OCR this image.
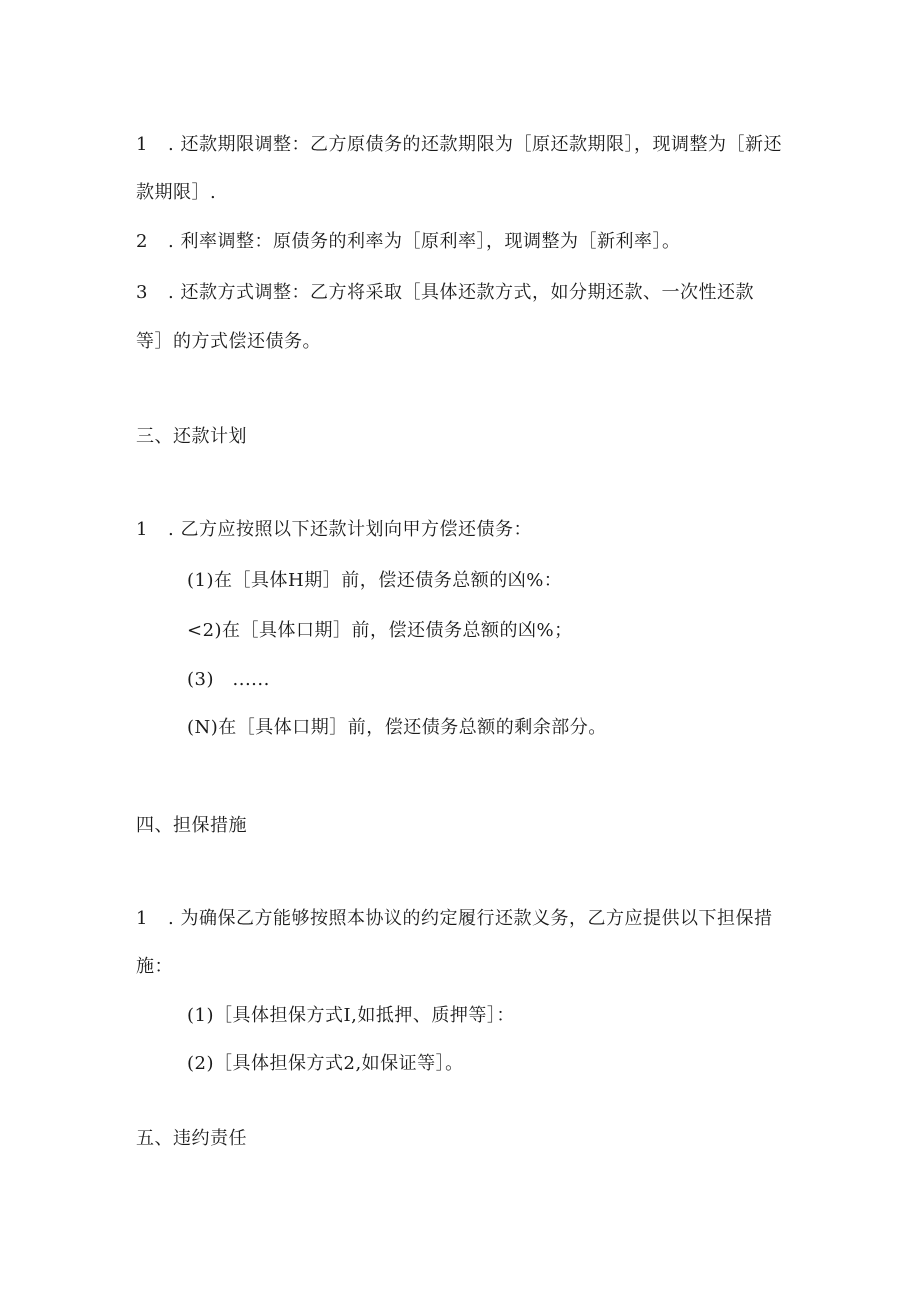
1 . 还款期限调整：乙方原债务的还款期限为［原还款期限］，现调整为［新还
款期限］.
2 . 利率调整：原债务的利率为［原利率］，现调整为［新利率］。
3 . 还款方式调整：乙方将采取［具体还款方式，如分期还款、一次性还款
等］的方式偿还债务。
三、还款计划
1 . 乙方应按照以下还款计划向甲方偿还债务：
(1)在［具体H期］前，偿还债务总额的凶%：
<2)在［具体口期］前，偿还债务总额的凶%；
(3)　......
(N)在［具体口期］前，偿还债务总额的剩余部分。
四、担保措施
1 . 为确保乙方能够按照本协议的约定履行还款义务，乙方应提供以下担保措
施：
(1)［具体担保方式I,如抵押、质押等］：
(2)［具体担保方式2,如保证等］。
五、违约责任
